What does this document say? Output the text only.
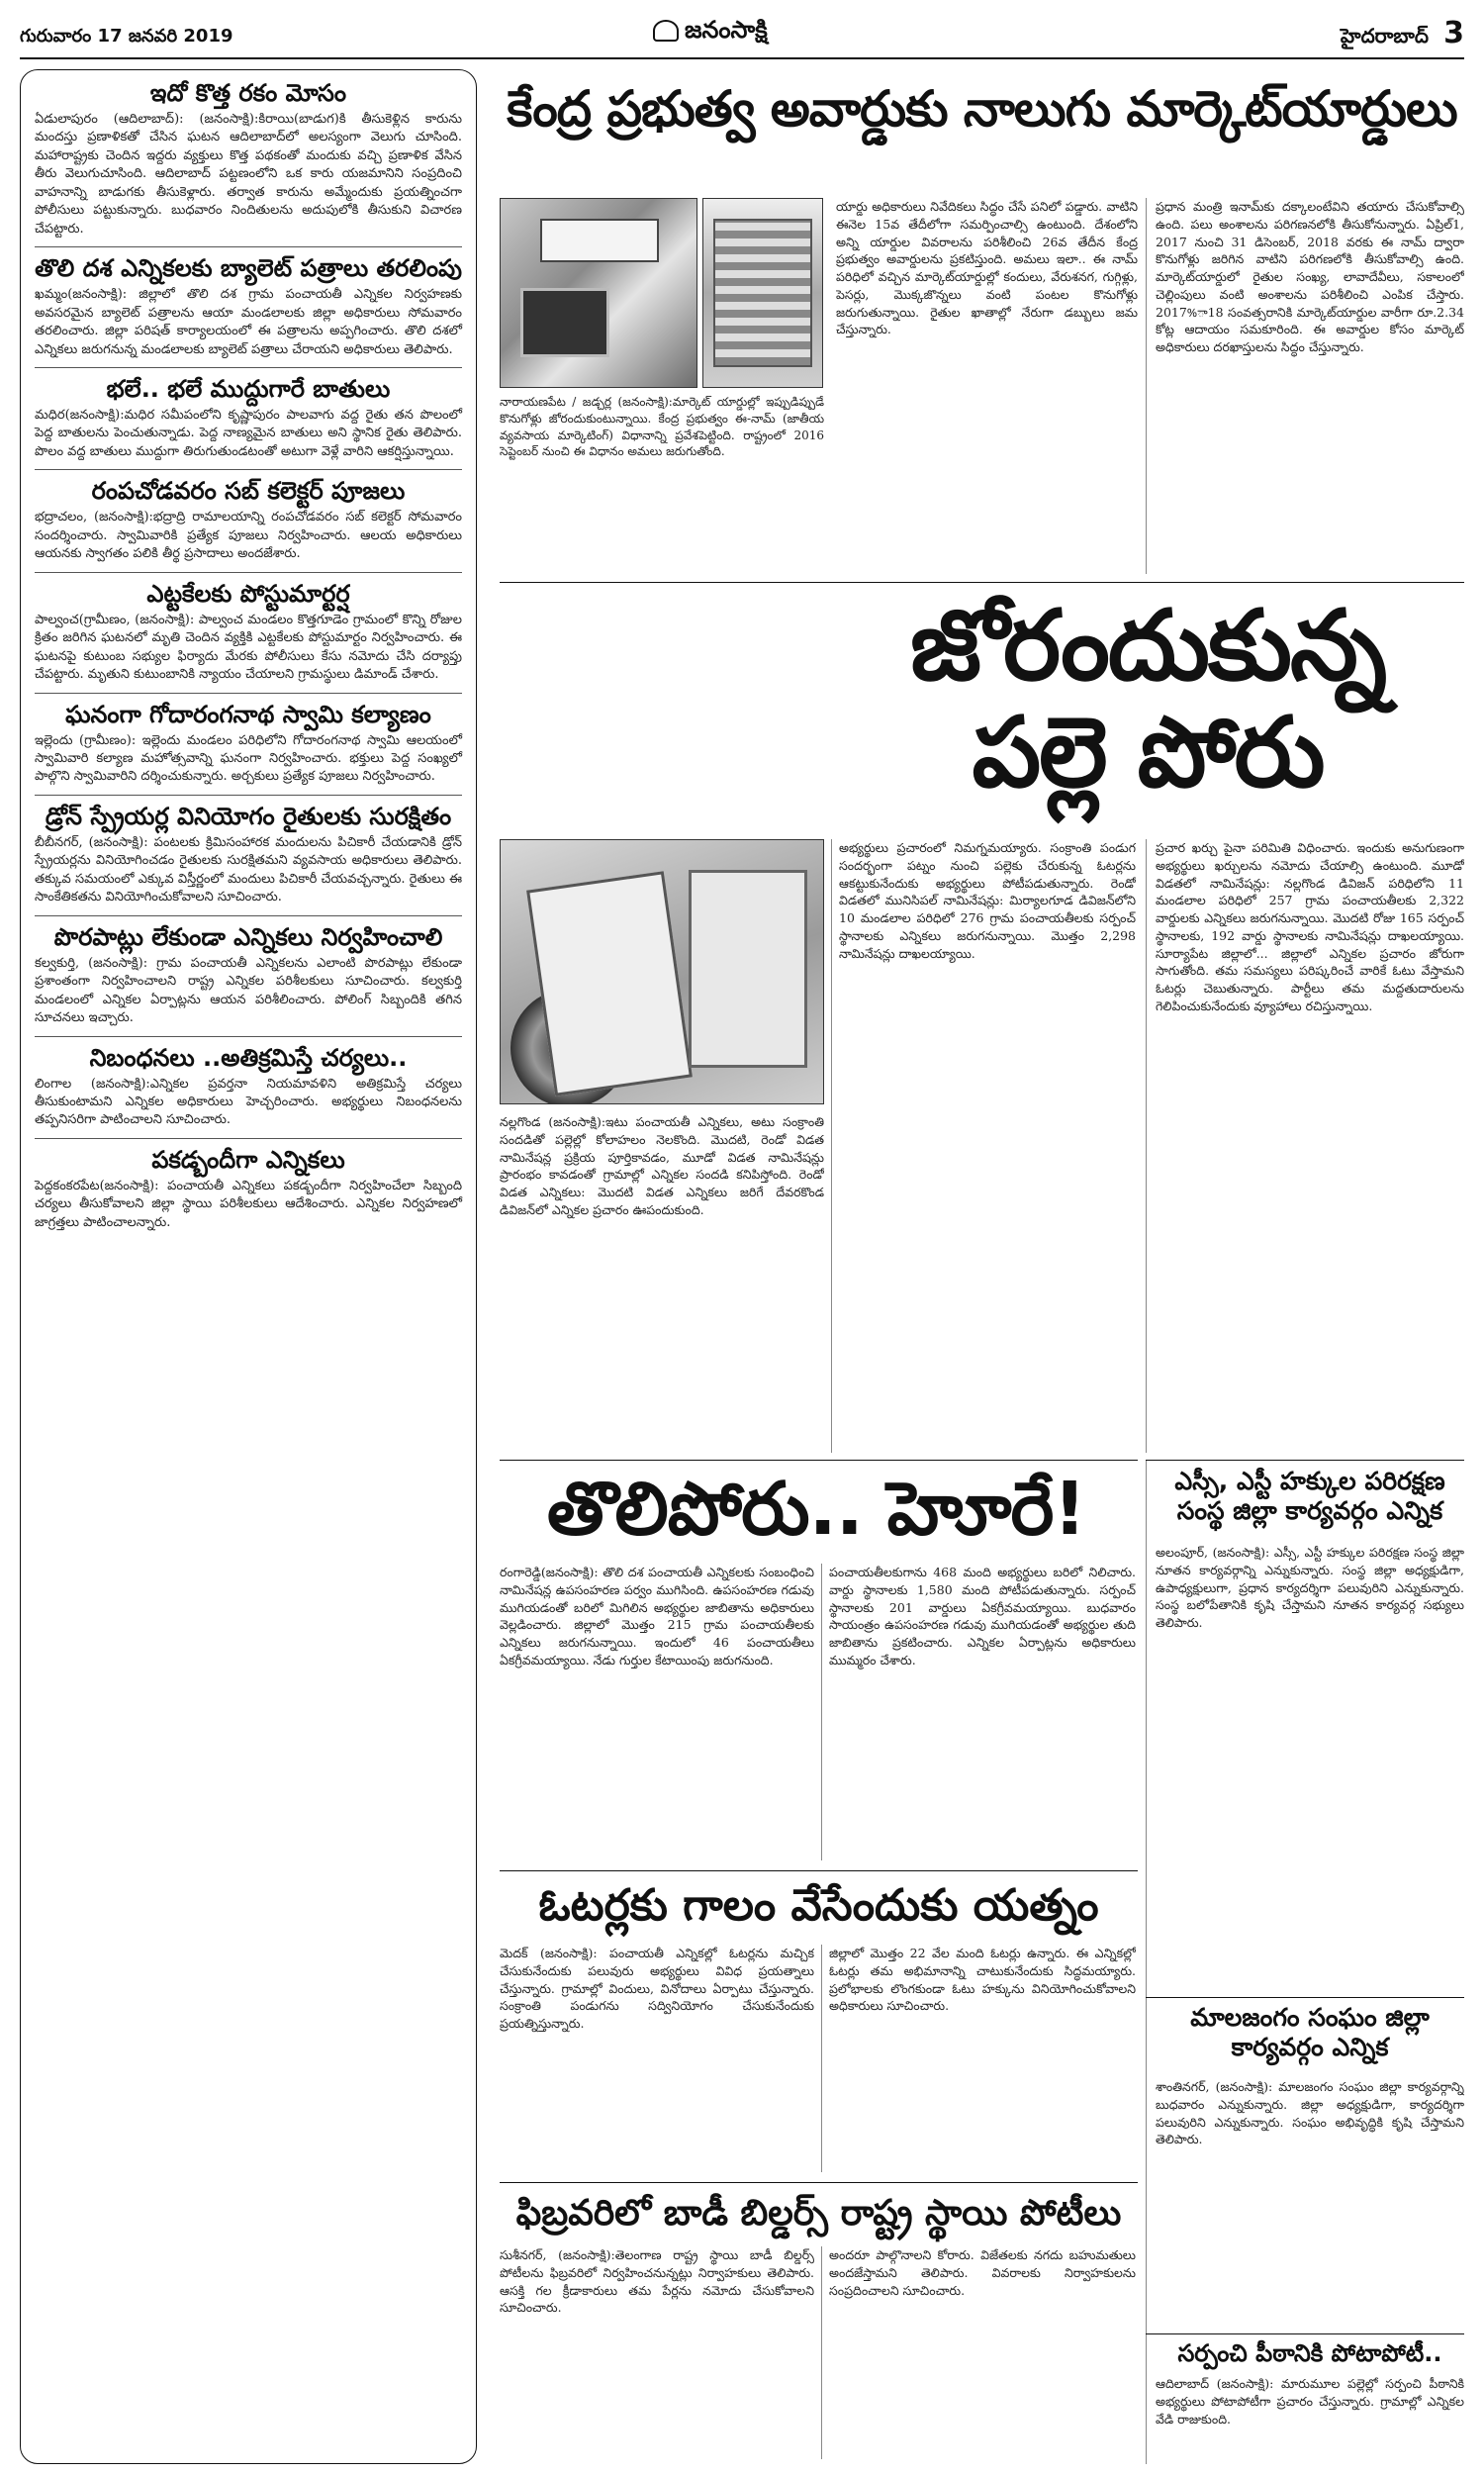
గురువారం 17 జనవరి 2019	జనంసాక్షి	హైదరాబాద్ 3
ఇదో కొత్త రకం మోసం

ఏడులాపురం (ఆదిలాబాద్): (జనంసాక్షి):కిరాయి(బాడుగ)కి తీసుకెళ్లిన కారును మందస్తు ప్రణాళికతో చేసిన ఘటన ఆదిలాబాద్‌లో అలస్యంగా వెలుగు చూసింది. మహారాష్ట్రకు చెందిన ఇద్దరు వ్యక్తులు కొత్త పథకంతో మందుకు వచ్చి ప్రణాళిక వేసిన తీరు వెలుగుచూసింది. ఆదిలాబాద్ పట్టణంలోని ఒక కారు యజమానిని సంప్రదించి వాహనాన్ని బాడుగకు తీసుకెళ్లారు. తర్వాత కారును అమ్మేందుకు ప్రయత్నించగా పోలీసులు పట్టుకున్నారు. బుధవారం నిందితులను అదుపులోకి తీసుకుని విచారణ చేపట్టారు.

తొలి దశ ఎన్నికలకు బ్యాలెట్ పత్రాలు తరలింపు

ఖమ్మం(జనంసాక్షి): జిల్లాలో తొలి దశ గ్రామ పంచాయతీ ఎన్నికల నిర్వహణకు అవసరమైన బ్యాలెట్ పత్రాలను ఆయా మండలాలకు జిల్లా అధికారులు సోమవారం తరలించారు. జిల్లా పరిషత్ కార్యాలయంలో ఈ పత్రాలను అప్పగించారు. తొలి దశలో ఎన్నికలు జరుగనున్న మండలాలకు బ్యాలెట్ పత్రాలు చేరాయని అధికారులు తెలిపారు.

భలే.. భలే ముద్దుగారే బాతులు

మధిర(జనంసాక్షి):మధిర సమీపంలోని కృష్ణాపురం పాలవాగు వద్ద రైతు తన పొలంలో పెద్ద బాతులను పెంచుతున్నాడు. పెద్ద నాణ్యమైన బాతులు అని స్థానిక రైతు తెలిపారు. పొలం వద్ద బాతులు ముద్దుగా తిరుగుతుండటంతో అటుగా వెళ్లే వారిని ఆకర్షిస్తున్నాయి.

రంపచోడవరం సబ్ కలెక్టర్ పూజలు

భద్రాచలం, (జనంసాక్షి):భద్రాద్రి రామాలయాన్ని రంపచోడవరం సబ్ కలెక్టర్ సోమవారం సందర్శించారు. స్వామివారికి ప్రత్యేక పూజలు నిర్వహించారు. ఆలయ అధికారులు ఆయనకు స్వాగతం పలికి తీర్థ ప్రసాదాలు అందజేశారు.

ఎట్టకేలకు పోస్టుమార్టర్ష

పాల్వంచ(గ్రామీణం, (జనంసాక్షి): పాల్వంచ మండలం కొత్తగూడెం గ్రామంలో కొన్ని రోజుల క్రితం జరిగిన ఘటనలో మృతి చెందిన వ్యక్తికి ఎట్టకేలకు పోస్టుమార్టం నిర్వహించారు. ఈ ఘటనపై కుటుంబ సభ్యుల ఫిర్యాదు మేరకు పోలీసులు కేసు నమోదు చేసి దర్యాప్తు చేపట్టారు. మృతుని కుటుంబానికి న్యాయం చేయాలని గ్రామస్థులు డిమాండ్ చేశారు.

ఘనంగా గోదారంగనాథ స్వామి కల్యాణం

ఇల్లెందు (గ్రామీణం): ఇల్లెందు మండలం పరిధిలోని గోదారంగనాథ స్వామి ఆలయంలో స్వామివారి కల్యాణ మహోత్సవాన్ని ఘనంగా నిర్వహించారు. భక్తులు పెద్ద సంఖ్యలో పాల్గొని స్వామివారిని దర్శించుకున్నారు. అర్చకులు ప్రత్యేక పూజలు నిర్వహించారు.

డ్రోన్ స్ప్రేయర్ల వినియోగం రైతులకు సురక్షితం

బీబీనగర్, (జనంసాక్షి): పంటలకు క్రిమిసంహారక మందులను పిచికారీ చేయడానికి డ్రోన్ స్ప్రేయర్లను వినియోగించడం రైతులకు సురక్షితమని వ్యవసాయ అధికారులు తెలిపారు. తక్కువ సమయంలో ఎక్కువ విస్తీర్ణంలో మందులు పిచికారీ చేయవచ్చన్నారు. రైతులు ఈ సాంకేతికతను వినియోగించుకోవాలని సూచించారు.

పొరపాట్లు లేకుండా ఎన్నికలు నిర్వహించాలి

కల్వకుర్తి, (జనంసాక్షి): గ్రామ పంచాయతీ ఎన్నికలను ఎలాంటి పొరపాట్లు లేకుండా ప్రశాంతంగా నిర్వహించాలని రాష్ట్ర ఎన్నికల పరిశీలకులు సూచించారు. కల్వకుర్తి మండలంలో ఎన్నికల ఏర్పాట్లను ఆయన పరిశీలించారు. పోలింగ్ సిబ్బందికి తగిన సూచనలు ఇచ్చారు.

నిబంధనలు ..అతిక్రమిస్తే చర్యలు..

లింగాల (జనంసాక్షి):ఎన్నికల ప్రవర్తనా నియమావళిని అతిక్రమిస్తే చర్యలు తీసుకుంటామని ఎన్నికల అధికారులు హెచ్చరించారు. అభ్యర్థులు నిబంధనలను తప్పనిసరిగా పాటించాలని సూచించారు.

పకడ్బందీగా ఎన్నికలు

పెద్దకంకరపేట(జనంసాక్షి): పంచాయతీ ఎన్నికలు పకడ్బందీగా నిర్వహించేలా సిబ్బంది చర్యలు తీసుకోవాలని జిల్లా స్థాయి పరిశీలకులు ఆదేశించారు. ఎన్నికల నిర్వహణలో జాగ్రత్తలు పాటించాలన్నారు.

కేంద్ర ప్రభుత్వ అవార్డుకు నాలుగు మార్కెట్‌యార్డులు
నారాయణపేట / జడ్చర్ల (జనంసాక్షి):మార్కెట్ యార్డుల్లో ఇప్పుడిప్పుడే కొనుగోళ్లు జోరందుకుంటున్నాయి. కేంద్ర ప్రభుత్వం ఈ-నామ్ (జాతీయ వ్యవసాయ మార్కెటింగ్) విధానాన్ని ప్రవేశపెట్టింది. రాష్ట్రంలో 2016 సెప్టెంబర్ నుంచి ఈ విధానం అమలు జరుగుతోంది.
యార్డు అధికారులు నివేదికలు సిద్ధం చేసే పనిలో పడ్డారు. వాటిని ఈనెల 15వ తేదీలోగా సమర్పించాల్సి ఉంటుంది. దేశంలోని అన్ని యార్డుల వివరాలను పరిశీలించి 26వ తేదీన కేంద్ర ప్రభుత్వం అవార్డులను ప్రకటిస్తుంది. అమలు ఇలా.. ఈ నామ్ పరిధిలో వచ్చిన మార్కెట్‌యార్డుల్లో కందులు, వేరుశనగ, గుగ్గిళ్లు, పెసర్లు, మొక్కజొన్నలు వంటి పంటల కొనుగోళ్లు జరుగుతున్నాయి. రైతుల ఖాతాల్లో నేరుగా డబ్బులు జమ చేస్తున్నారు.
ప్రధాన మంత్రి ఇనామ్‌కు దక్కాలంటేవిని తయారు చేసుకోవాల్సి ఉంది. పలు అంశాలను పరిగణనలోకి తీసుకోనున్నారు. ఏప్రిల్1, 2017 నుంచి 31 డిసెంబర్, 2018 వరకు ఈ నామ్ ద్వారా కొనుగోళ్లు జరిగిన వాటిని పరిగణలోకి తీసుకోవాల్సి ఉంది. మార్కెట్‌యార్డులో రైతుల సంఖ్య, లావాదేవీలు, సకాలంలో చెల్లింపులు వంటి అంశాలను పరిశీలించి ఎంపిక చేస్తారు. 2017%ా18 సంవత్సరానికి మార్కెట్‌యార్డుల వారీగా రూ.2.34 కోట్ల ఆదాయం సమకూరింది. ఈ అవార్డుల కోసం మార్కెట్ అధికారులు దరఖాస్తులను సిద్ధం చేస్తున్నారు.
జోరందుకున్న పల్లె పోరు
నల్లగొండ (జనంసాక్షి):ఇటు పంచాయతీ ఎన్నికలు, అటు సంక్రాంతి సందడితో పల్లెల్లో కోలాహలం నెలకొంది. మొదటి, రెండో విడత నామినేషన్ల ప్రక్రియ పూర్తికావడం, మూడో విడత నామినేషన్లు ప్రారంభం కావడంతో గ్రామాల్లో ఎన్నికల సందడి కనిపిస్తోంది. రెండో విడత ఎన్నికలు: మొదటి విడత ఎన్నికలు జరిగే దేవరకొండ డివిజన్‌లో ఎన్నికల ప్రచారం ఊపందుకుంది.
అభ్యర్థులు ప్రచారంలో నిమగ్నమయ్యారు. సంక్రాంతి పండుగ సందర్భంగా పట్నం నుంచి పల్లెకు చేరుకున్న ఓటర్లను ఆకట్టుకునేందుకు అభ్యర్థులు పోటీపడుతున్నారు. రెండో విడతలో మునిసిపల్ నామినేషన్లు: మిర్యాలగూడ డివిజన్‌లోని 10 మండలాల పరిధిలో 276 గ్రామ పంచాయతీలకు సర్పంచ్ స్థానాలకు ఎన్నికలు జరుగనున్నాయి. మొత్తం 2,298 నామినేషన్లు దాఖలయ్యాయి.
ప్రచార ఖర్చు పైనా పరిమితి విధించారు. ఇందుకు అనుగుణంగా అభ్యర్థులు ఖర్చులను నమోదు చేయాల్సి ఉంటుంది. మూడో విడతలో నామినేషన్లు: నల్లగొండ డివిజన్ పరిధిలోని 11 మండలాల పరిధిలో 257 గ్రామ పంచాయతీలకు 2,322 వార్డులకు ఎన్నికలు జరుగనున్నాయి. మొదటి రోజు 165 సర్పంచ్ స్థానాలకు, 192 వార్డు స్థానాలకు నామినేషన్లు దాఖలయ్యాయి. సూర్యాపేట జిల్లాలో... జిల్లాలో ఎన్నికల ప్రచారం జోరుగా సాగుతోంది. తమ సమస్యలు పరిష్కరించే వారికే ఓటు వేస్తామని ఓటర్లు చెబుతున్నారు. పార్టీలు తమ మద్దతుదారులను గెలిపించుకునేందుకు వ్యూహాలు రచిస్తున్నాయి.
తొలిపోరు.. హెూరే!
రంగారెడ్డి(జనంసాక్షి): తొలి దశ పంచాయతీ ఎన్నికలకు సంబంధించి నామినేషన్ల ఉపసంహరణ పర్వం ముగిసింది. ఉపసంహరణ గడువు ముగియడంతో బరిలో మిగిలిన అభ్యర్థుల జాబితాను అధికారులు వెల్లడించారు. జిల్లాలో మొత్తం 215 గ్రామ పంచాయతీలకు ఎన్నికలు జరుగనున్నాయి. ఇందులో 46 పంచాయతీలు ఏకగ్రీవమయ్యాయి. నేడు గుర్తుల కేటాయింపు జరుగనుంది.
పంచాయతీలకుగాను 468 మంది అభ్యర్థులు బరిలో నిలిచారు. వార్డు స్థానాలకు 1,580 మంది పోటీపడుతున్నారు. సర్పంచ్ స్థానాలకు 201 వార్డులు ఏకగ్రీవమయ్యాయి. బుధవారం సాయంత్రం ఉపసంహరణ గడువు ముగియడంతో అభ్యర్థుల తుది జాబితాను ప్రకటించారు. ఎన్నికల ఏర్పాట్లను అధికారులు ముమ్మరం చేశారు.
ఓటర్లకు గాలం వేసేందుకు యత్నం
మెదక్ (జనంసాక్షి): పంచాయతీ ఎన్నికల్లో ఓటర్లను మచ్చిక చేసుకునేందుకు పలువురు అభ్యర్థులు వివిధ ప్రయత్నాలు చేస్తున్నారు. గ్రామాల్లో విందులు, వినోదాలు ఏర్పాటు చేస్తున్నారు. సంక్రాంతి పండుగను సద్వినియోగం చేసుకునేందుకు ప్రయత్నిస్తున్నారు.
జిల్లాలో మొత్తం 22 వేల మంది ఓటర్లు ఉన్నారు. ఈ ఎన్నికల్లో ఓటర్లు తమ అభిమానాన్ని చాటుకునేందుకు సిద్ధమయ్యారు. ప్రలోభాలకు లొంగకుండా ఓటు హక్కును వినియోగించుకోవాలని అధికారులు సూచించారు.
ఫిబ్రవరిలో బాడీ బిల్డర్స్ రాష్ట్ర స్థాయి పోటీలు
సుశీనగర్, (జనంసాక్షి):తెలంగాణ రాష్ట్ర స్థాయి బాడీ బిల్డర్స్ పోటీలను ఫిబ్రవరిలో నిర్వహించనున్నట్లు నిర్వాహకులు తెలిపారు. ఆసక్తి గల క్రీడాకారులు తమ పేర్లను నమోదు చేసుకోవాలని సూచించారు.
అందరూ పాల్గొనాలని కోరారు. విజేతలకు నగదు బహుమతులు అందజేస్తామని తెలిపారు. వివరాలకు నిర్వాహకులను సంప్రదించాలని సూచించారు.
ఎస్సీ, ఎస్టీ హక్కుల పరిరక్షణ సంస్థ జిల్లా కార్యవర్గం ఎన్నిక
అలంపూర్, (జనంసాక్షి): ఎస్సీ, ఎస్టీ హక్కుల పరిరక్షణ సంస్థ జిల్లా నూతన కార్యవర్గాన్ని ఎన్నుకున్నారు. సంస్థ జిల్లా అధ్యక్షుడిగా, ఉపాధ్యక్షులుగా, ప్రధాన కార్యదర్శిగా పలువురిని ఎన్నుకున్నారు. సంస్థ బలోపేతానికి కృషి చేస్తామని నూతన కార్యవర్గ సభ్యులు తెలిపారు.
మాలజంగం సంఘం జిల్లా కార్యవర్గం ఎన్నిక
శాంతినగర్, (జనంసాక్షి): మాలజంగం సంఘం జిల్లా కార్యవర్గాన్ని బుధవారం ఎన్నుకున్నారు. జిల్లా అధ్యక్షుడిగా, కార్యదర్శిగా పలువురిని ఎన్నుకున్నారు. సంఘం అభివృద్ధికి కృషి చేస్తామని తెలిపారు.
సర్పంచి పీఠానికి పోటాపోటీ..
ఆదిలాబాద్ (జనంసాక్షి): మారుమూల పల్లెల్లో సర్పంచి పీఠానికి అభ్యర్థులు పోటాపోటీగా ప్రచారం చేస్తున్నారు. గ్రామాల్లో ఎన్నికల వేడి రాజుకుంది.
